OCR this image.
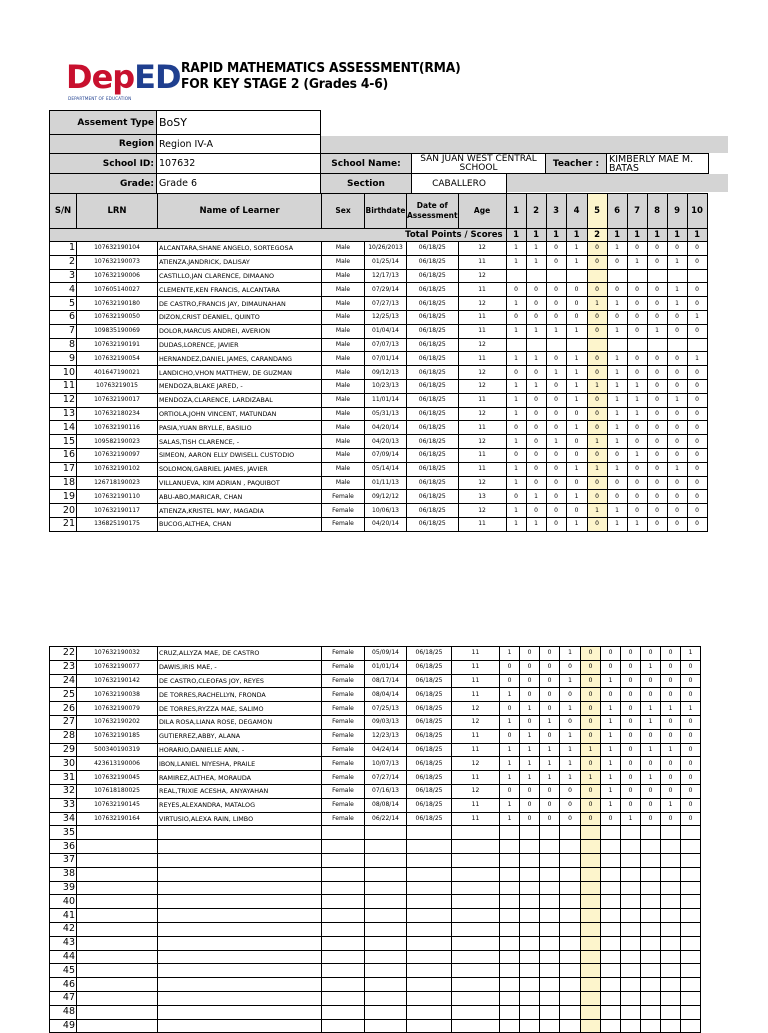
DepED
DEPARTMENT OF EDUCATION
RAPID MATHEMATICS ASSESSMENT(RMA)
FOR KEY STAGE 2 (Grades 4-6)
Assement Type BoSY
Region Region IV-A
School ID: 107632	School Name:	SAN JUAN WEST CENTRAL
SCHOOL	Teacher :	KIMBERLY MAE M.
BATAS
Grade: Grade 6	Section	CABALLERO
S/N	LRN	Name of Learner	Sex	Birthdate	Date of Assessment	Age	1	2	3	4	5	6	7	8	9	10
Total Points / Scores							1	1	1	1	2	1	1	1	1	1
1	107632190104	ALCANTARA,SHANE ANGELO, SORTEGOSA	Male	10/26/2013	06/18/25	12	1	1	0	1	0	1	0	0	0	0
2	107632190073	ATIENZA,JANDRICK, DALISAY	Male	01/25/14	06/18/25	11	1	1	0	1	0	0	1	0	1	0
3	107632190006	CASTILLO,JAN CLARENCE, DIMAANO	Male	12/17/13	06/18/25	12										
4	107605140027	CLEMENTE,KEN FRANCIS, ALCANTARA	Male	07/29/14	06/18/25	11	0	0	0	0	0	0	0	0	1	0
5	107632190180	DE CASTRO,FRANCIS JAY, DIMAUNAHAN	Male	07/27/13	06/18/25	12	1	0	0	0	1	1	0	0	1	0
6	107632190050	DIZON,CRIST DEANIEL, QUINTO	Male	12/25/13	06/18/25	11	0	0	0	0	0	0	0	0	0	1
7	109835190069	DOLOR,MARCUS ANDREI, AVERION	Male	01/04/14	06/18/25	11	1	1	1	1	0	1	0	1	0	0
8	107632190191	DUDAS,LORENCE, JAVIER	Male	07/07/13	06/18/25	12										
9	107632190054	HERNANDEZ,DANIEL JAMES, CARANDANG	Male	07/01/14	06/18/25	11	1	1	0	1	0	1	0	0	0	1
10	401647190021	LANDICHO,VHON MATTHEW, DE GUZMAN	Male	09/12/13	06/18/25	12	0	0	1	1	0	1	0	0	0	0
11	10763219015	MENDOZA,BLAKE JARED, -	Male	10/23/13	06/18/25	12	1	1	0	1	1	1	1	0	0	0
12	107632190017	MENDOZA,CLARENCE, LARDIZABAL	Male	11/01/14	06/18/25	11	1	0	0	1	0	1	1	0	1	0
13	107632180234	ORTIOLA,JOHN VINCENT, MATUNDAN	Male	05/31/13	06/18/25	12	1	0	0	0	0	1	1	0	0	0
14	107632190116	PASIA,YUAN BRYLLE, BASILIO	Male	04/20/14	06/18/25	11	0	0	0	1	0	1	0	0	0	0
15	109582190023	SALAS,TISH CLARENCE, -	Male	04/20/13	06/18/25	12	1	0	1	0	1	1	0	0	0	0
16	107632190097	SIMEON, AARON ELLY DWISELL CUSTODIO	Male	07/09/14	06/18/25	11	0	0	0	0	0	0	1	0	0	0
17	107632190102	SOLOMON,GABRIEL JAMES, JAVIER	Male	05/14/14	06/18/25	11	1	0	0	1	1	1	0	0	1	0
18	126718190023	VILLANUEVA, KIM ADRIAN , PAQUIBOT	Male	01/11/13	06/18/25	12	1	0	0	0	0	0	0	0	0	0
19	107632190110	ABU-ABO,MARICAR, CHAN	Female	09/12/12	06/18/25	13	0	1	0	1	0	0	0	0	0	0
20	107632190117	ATIENZA,KRISTEL MAY, MAGADIA	Female	10/06/13	06/18/25	12	1	0	0	0	1	1	0	0	0	0
21	136825190175	BUCOG,ALTHEA, CHAN	Female	04/20/14	06/18/25	11	1	1	0	1	0	1	1	0	0	0
22	107632190032	CRUZ,ALLYZA MAE, DE CASTRO	Female	05/09/14	06/18/25	11	1	0	0	1	0	0	0	0	0	1
23	107632190077	DAWIS,IRIS MAE, -	Female	01/01/14	06/18/25	11	0	0	0	0	0	0	0	1	0	0
24	107632190142	DE CASTRO,CLEOFAS JOY, REYES	Female	08/17/14	06/18/25	11	0	0	0	1	0	1	0	0	0	0
25	107632190038	DE TORRES,RACHELLYN, FRONDA	Female	08/04/14	06/18/25	11	1	0	0	0	0	0	0	0	0	0
26	107632190079	DE TORRES,RYZZA MAE, SALIMO	Female	07/25/13	06/18/25	12	0	1	0	1	0	1	0	1	1	1
27	107632190202	DILA ROSA,LIANA ROSE, DEGAMON	Female	09/03/13	06/18/25	12	1	0	1	0	0	1	0	1	0	0
28	107632190185	GUTIERREZ,ABBY, ALANA	Female	12/23/13	06/18/25	11	0	1	0	1	0	1	0	0	0	0
29	500340190319	HORARIO,DANIELLE ANN, -	Female	04/24/14	06/18/25	11	1	1	1	1	1	1	0	1	1	0
30	423613190006	IBON,LANIEL NIYESHA, PRAILE	Female	10/07/13	06/18/25	12	1	1	1	1	0	1	0	0	0	0
31	107632190045	RAMIREZ,ALTHEA, MORAUDA	Female	07/27/14	06/18/25	11	1	1	1	1	1	1	0	1	0	0
32	107618180025	REAL,TRIXIE ACESHA, ANYAYAHAN	Female	07/16/13	06/18/25	12	0	0	0	0	0	1	0	0	0	0
33	107632190145	REYES,ALEXANDRA, MATALOG	Female	08/08/14	06/18/25	11	1	0	0	0	0	1	0	0	1	0
34	107632190164	VIRTUSIO,ALEXA RAIN, LIMBO	Female	06/22/14	06/18/25	11	1	0	0	0	0	0	1	0	0	0
35																
36																
37																
38																
39																
40																
41																
42																
43																
44																
45																
46																
47																
48																
49																
